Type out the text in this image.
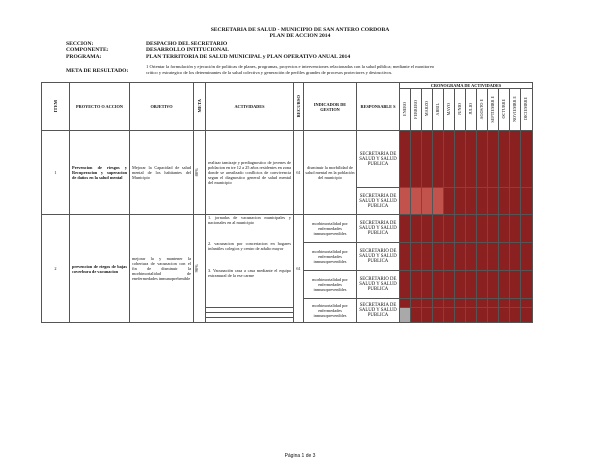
SECRETARIA DE SALUD - MUNICIPIO DE SAN ANTERO CORDOBA
PLAN DE ACCION 2014
SECCION:	DESPACHO DEL SECRETARIO
COMPONENTE:	DESARROLLO INTITUCIONAL
PROGRAMA:	PLAN TERRITORIA DE SALUD MUNICIPAL y PLAN OPERATIVO ANUAL 2014
META DE RESULTADO:
1 Orientar la formulación y ejecución de politicas de planes, programas, proyectos e intervenciones relacionadas con la salud pública; mediante el monitoreo critico y estrategico de los determinantes de la salud colectiva y generación de perfiles grandes de procesos protectores y destructivos.
ITEM	PROYECTO O ACCION	OBJETIVO	META	ACTIVIDADES	RECURSO	INDICADOR DE GESTION	RESPONSABLE S	CRONOGRAMA DE ACTIVIDADES											
								ENERO	FEBRERO	MARZO	ABRIL	MAYO	JUNIO	JULIO	AGOSTO E	SEPTIEMBR E	OCTUBRE	NOVIEMBR E	DICIEMBRE
1	Prevencion de riesgos y Recuperacion y superacion de daños en la salud mental	Mejorar la Capacidad de salud mental de los habitantes del Municipio	80%	realizar tamizaje y prediagnostico de jovenes de poblacion en tre 12 a 25 años residentes en zona donde se areailzado conflictos de convivencia segun el diagnostico general de salud mental del municipio	61	disminuir la morbilidad de salud mental en la población del municipio	SECRETARIA DE SALUD Y SALUD PUBLICA												
							SECRETARIA DE SALUD Y SALUD PUBLICA												
2	prevencion de riegos de bajas coverbura de vacunacion	mejorar la y mantener la cobertura de vacunacion con el fin de disminuir la morbimortalidad de enefermedades inmunoprebenible	90%	1. jornadas de vacunacion municipales y nacionales en al municipio
2. vacunacion por concertacion en hogares infantiles colegios y centro de adulto mayor
3. Vacunación casa a casa mediante el equipo extramural de la ese carme	61	morbimortalidad por enfermedades inmunoprevenibles	SECRETARIA DE SALUD Y SALUD PUBLICA												
						morbimortalidad por enfermedades inmunoprevenibles	SECRETARIO DE SALUD Y SALUD PUBLICA												
						morbimortalidad por enfermedades inmunoprevenibles	SECRETARIO DE SALUD Y SALUD PUBLICA												
						morbimortalidad por enfermedades inmunoprevenibles	SECRETARIA DE SALUD Y SALUD PUBLICA												

Página 1 de 3
